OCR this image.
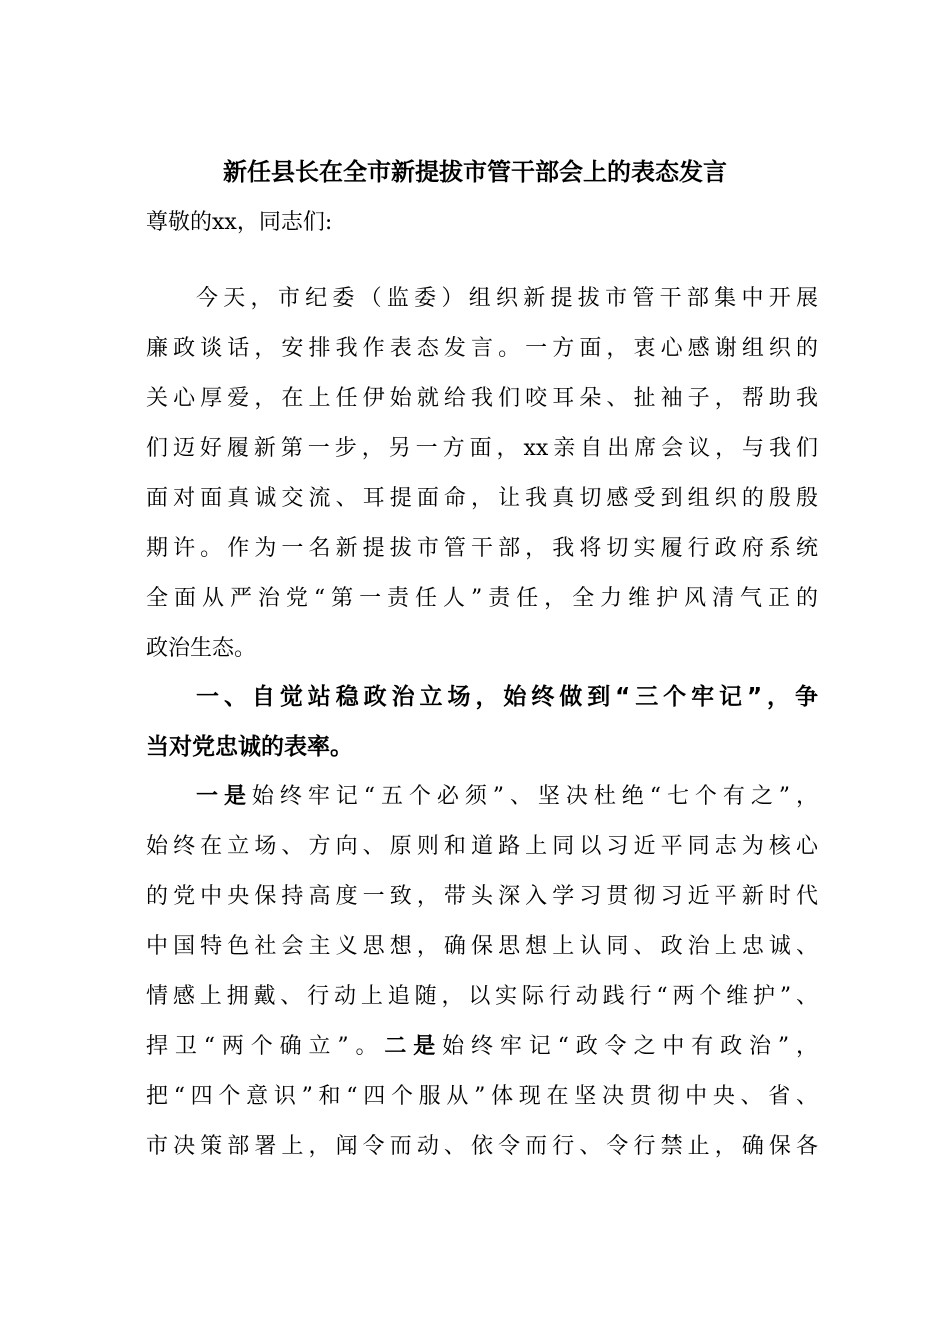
新任县长在全市新提拔市管干部会上的表态发言

尊敬的xx，同志们:

今天，市纪委（监委）组织新提拔市管干部集中开展

廉政谈话，安排我作表态发言。一方面，衷心感谢组织的

关心厚爱，在上任伊始就给我们咬耳朵、扯袖子，帮助我

们迈好履新第一步，另一方面，xx亲自出席会议，与我们

面对面真诚交流、耳提面命，让我真切感受到组织的殷殷

期许。作为一名新提拔市管干部，我将切实履行政府系统

全面从严治党“第一责任人”责任，全力维护风清气正的

政治生态。

一、自觉站稳政治立场，始终做到“三个牢记”，争

当对党忠诚的表率。

一是始终牢记“五个必须”、坚决杜绝“七个有之”，

始终在立场、方向、原则和道路上同以习近平同志为核心

的党中央保持高度一致，带头深入学习贯彻习近平新时代

中国特色社会主义思想，确保思想上认同、政治上忠诚、

情感上拥戴、行动上追随，以实际行动践行“两个维护”、

捍卫“两个确立”。二是始终牢记“政令之中有政治”，

把“四个意识”和“四个服从”体现在坚决贯彻中央、省、

市决策部署上，闻令而动、依令而行、令行禁止，确保各
